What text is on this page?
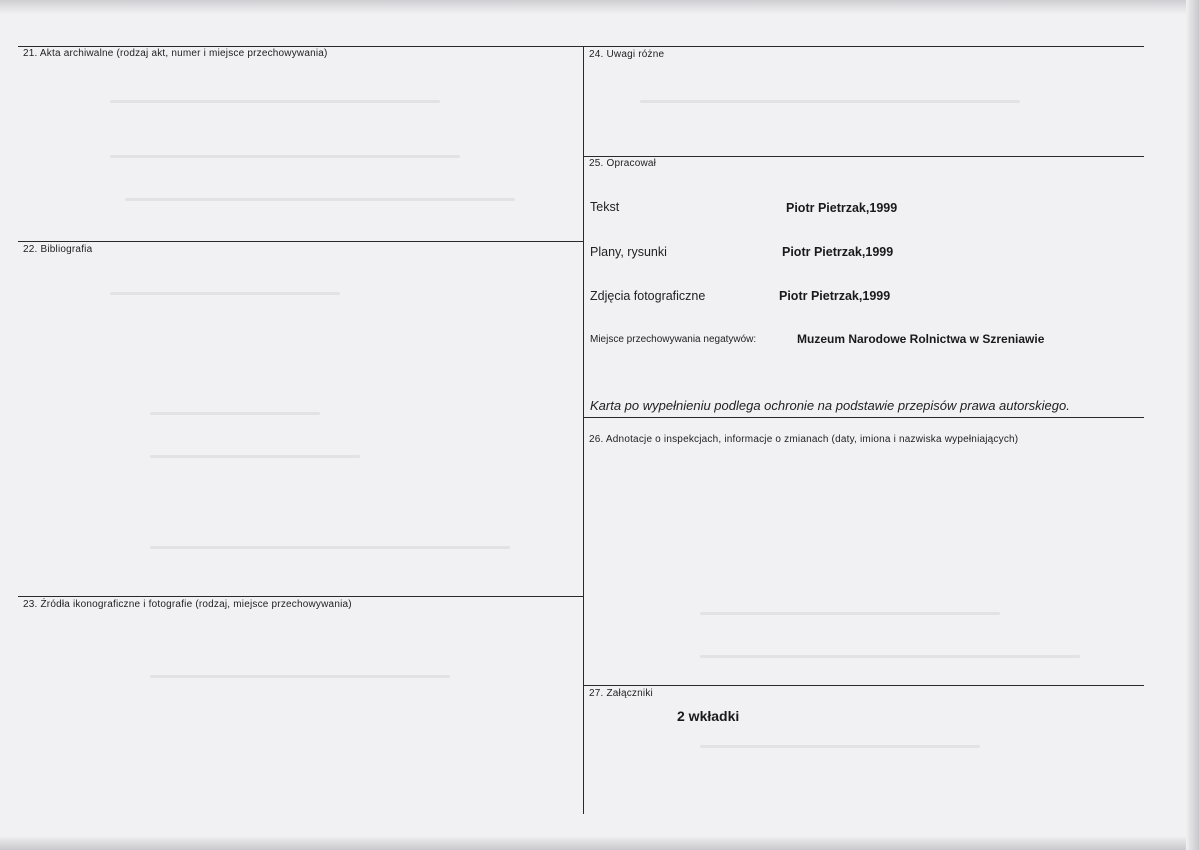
21. Akta archiwalne (rodzaj akt, numer i miejsce przechowywania)
22. Bibliografia
23. Źródła ikonograficzne i fotografie (rodzaj, miejsce przechowywania)
24. Uwagi różne
25. Opracował
Tekst	Piotr Pietrzak,1999
Plany, rysunki	Piotr Pietrzak,1999
Zdjęcia fotograficzne	Piotr Pietrzak,1999
Miejsce przechowywania negatywów:	Muzeum Narodowe Rolnictwa w Szreniawie
Karta po wypełnieniu podlega ochronie na podstawie przepisów prawa autorskiego.
26. Adnotacje o inspekcjach, informacje o zmianach (daty, imiona i nazwiska wypełniających)
27. Załączniki
2 wkładki
